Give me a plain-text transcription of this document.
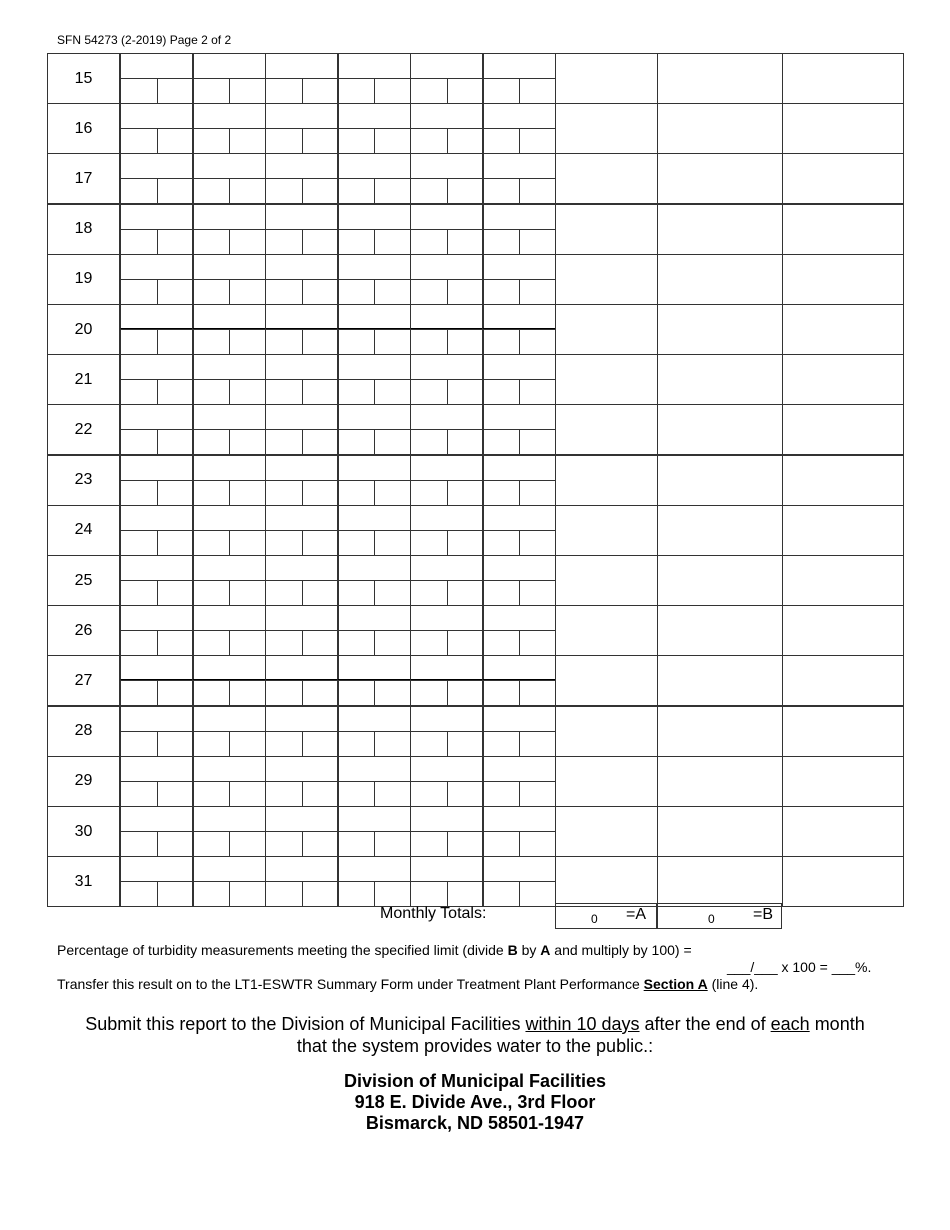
SFN 54273 (2-2019) Page 2 of 2
15
16
17
18
19
20
21
22
23
24
25
26
27
28
29
30
31
Monthly Totals:	0 =A	0 =B
Percentage of turbidity measurements meeting the specified limit (divide B by A and multiply by 100) =
___/___ x 100 = ___%.
Transfer this result on to the LT1-ESWTR Summary Form under Treatment Plant Performance Section A (line 4).
Submit this report to the Division of Municipal Facilities within 10 days after the end of each month
that the system provides water to the public.:
Division of Municipal Facilities
918 E. Divide Ave., 3rd Floor
Bismarck, ND 58501-1947
